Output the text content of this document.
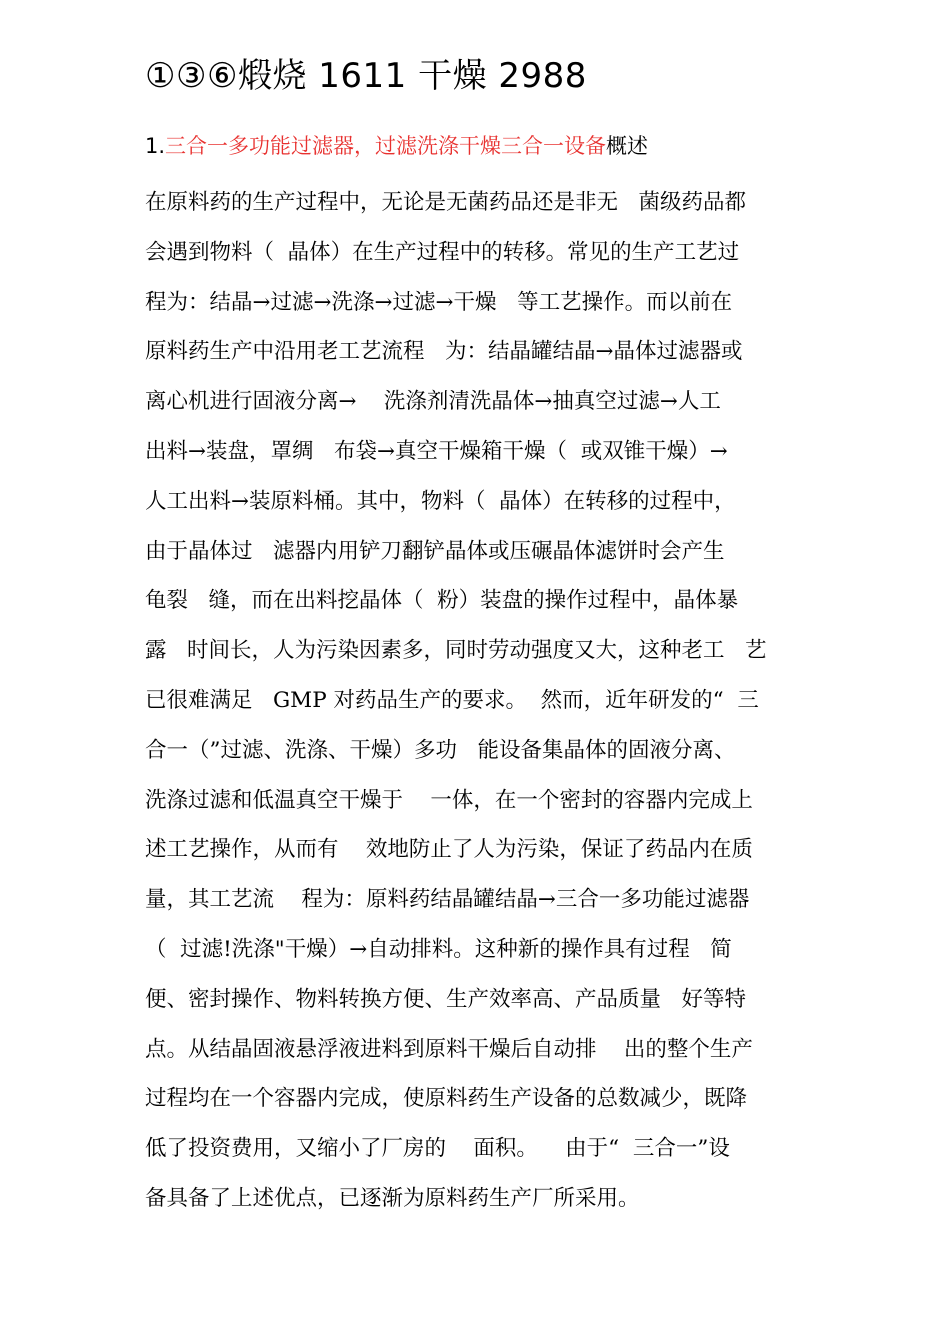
①③⑥煅烧 1611 干燥 2988
1.三合一多功能过滤器，过滤洗涤干燥三合一设备概述
在原料药的生产过程中，无论是无菌药品还是非无   菌级药品都
会遇到物料（  晶体）在生产过程中的转移。常见的生产工艺过
程为：结晶→过滤→洗涤→过滤→干燥   等工艺操作。而以前在
原料药生产中沿用老工艺流程   为：结晶罐结晶→晶体过滤器或
离心机进行固液分离→    洗涤剂清洗晶体→抽真空过滤→人工
出料→装盘，罩绸   布袋→真空干燥箱干燥（  或双锥干燥）→
人工出料→装原料桶。其中，物料（  晶体）在转移的过程中，
由于晶体过   滤器内用铲刀翻铲晶体或压碾晶体滤饼时会产生
龟裂   缝，而在出料挖晶体（  粉）装盘的操作过程中，晶体暴
露   时间长，人为污染因素多，同时劳动强度又大，这种老工   艺
已很难满足   GMP 对药品生产的要求。  然而，近年研发的“  三
合一（”过滤、洗涤、干燥）多功   能设备集晶体的固液分离、
洗涤过滤和低温真空干燥于    一体，在一个密封的容器内完成上
述工艺操作，从而有    效地防止了人为污染，保证了药品内在质
量，其工艺流    程为：原料药结晶罐结晶→三合一多功能过滤器
（  过滤!洗涤"干燥）→自动排料。这种新的操作具有过程   简
便、密封操作、物料转换方便、生产效率高、产品质量   好等特
点。从结晶固液悬浮液进料到原料干燥后自动排    出的整个生产
过程均在一个容器内完成，使原料药生产设备的总数减少，既降
低了投资费用，又缩小了厂房的    面积。    由于“  三合一”设
备具备了上述优点，已逐渐为原料药生产厂所采用。
